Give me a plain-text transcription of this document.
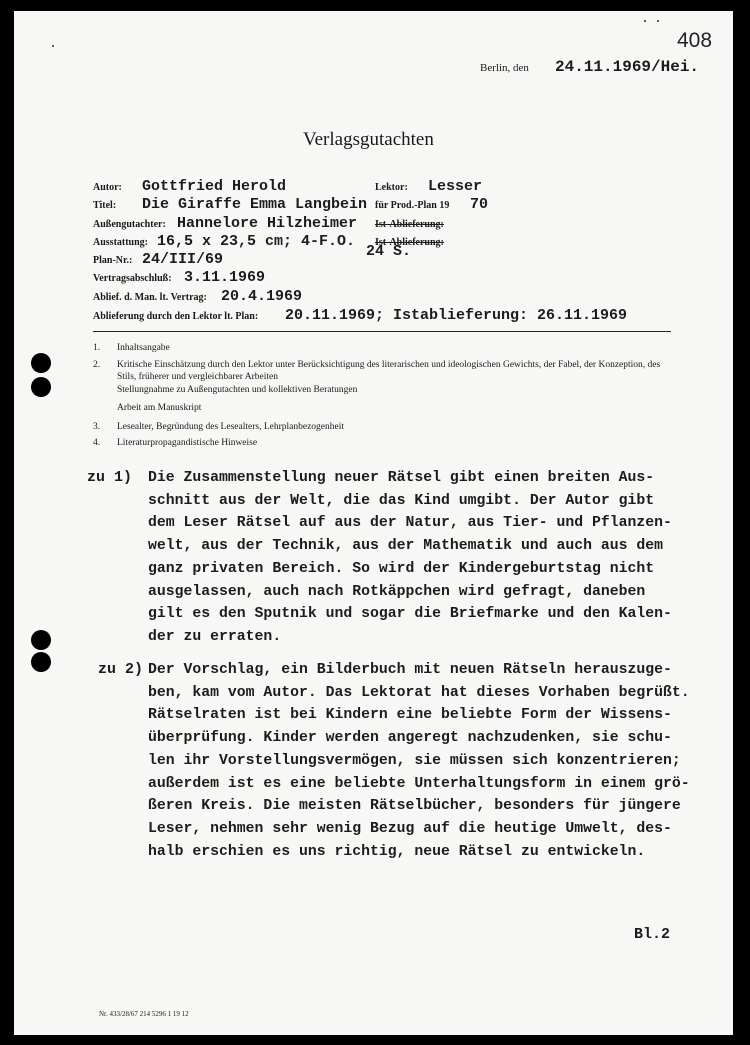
408
Berlin, den 24.11.1969/Hei.
Verlagsgutachten
Autor: Gottfried Herold
Titel: Die Giraffe Emma Langbein
Außengutachter: Hannelore Hilzheimer
Ausstattung: 16,5 x 23,5 cm; 4-F.O.
Plan-Nr.: 24/III/69
Vertragsabschluß: 3.11.1969
Ablief. d. Man. lt. Vertrag: 20.4.1969
Ablieferung durch den Lektor lt. Plan: 20.11.1969; Istablieferung: 26.11.1969
Lektor: Lesser
für Prod.-Plan 19 70
Ist-Ablieferung:
Ist-Ablieferung:
24 S.
1.	Inhaltsangabe
2.	Kritische Einschätzung durch den Lektor unter Berücksichtigung des literarischen und ideologischen Gewichts, der Fabel, der Konzeption, des Stils, früherer und vergleichbarer Arbeiten
Stellungnahme zu Außengutachten und kollektiven Beratungen
Arbeit am Manuskript
3.	Lesealter, Begründung des Lesealters, Lehrplanbezogenheit
4.	Literaturpropagandistische Hinweise
zu 1) Die Zusammenstellung neuer Rätsel gibt einen breiten Aus-
schnitt aus der Welt, die das Kind umgibt. Der Autor gibt
dem Leser Rätsel auf aus der Natur, aus Tier- und Pflanzen-
welt, aus der Technik, aus der Mathematik und auch aus dem
ganz privaten Bereich. So wird der Kindergeburtstag nicht
ausgelassen, auch nach Rotkäppchen wird gefragt, daneben
gilt es den Sputnik und sogar die Briefmarke und den Kalen-
der zu erraten.
zu 2) Der Vorschlag, ein Bilderbuch mit neuen Rätseln herauszuge-
ben, kam vom Autor. Das Lektorat hat dieses Vorhaben begrüßt.
Rätselraten ist bei Kindern eine beliebte Form der Wissens-
überprüfung. Kinder werden angeregt nachzudenken, sie schu-
len ihr Vorstellungsvermögen, sie müssen sich konzentrieren;
außerdem ist es eine beliebte Unterhaltungsform in einem grö-
ßeren Kreis. Die meisten Rätselbücher, besonders für jüngere
Leser, nehmen sehr wenig Bezug auf die heutige Umwelt, des-
halb erschien es uns richtig, neue Rätsel zu entwickeln.
Bl.2
Nr. 433/28/67 214 5296 1 19 12
